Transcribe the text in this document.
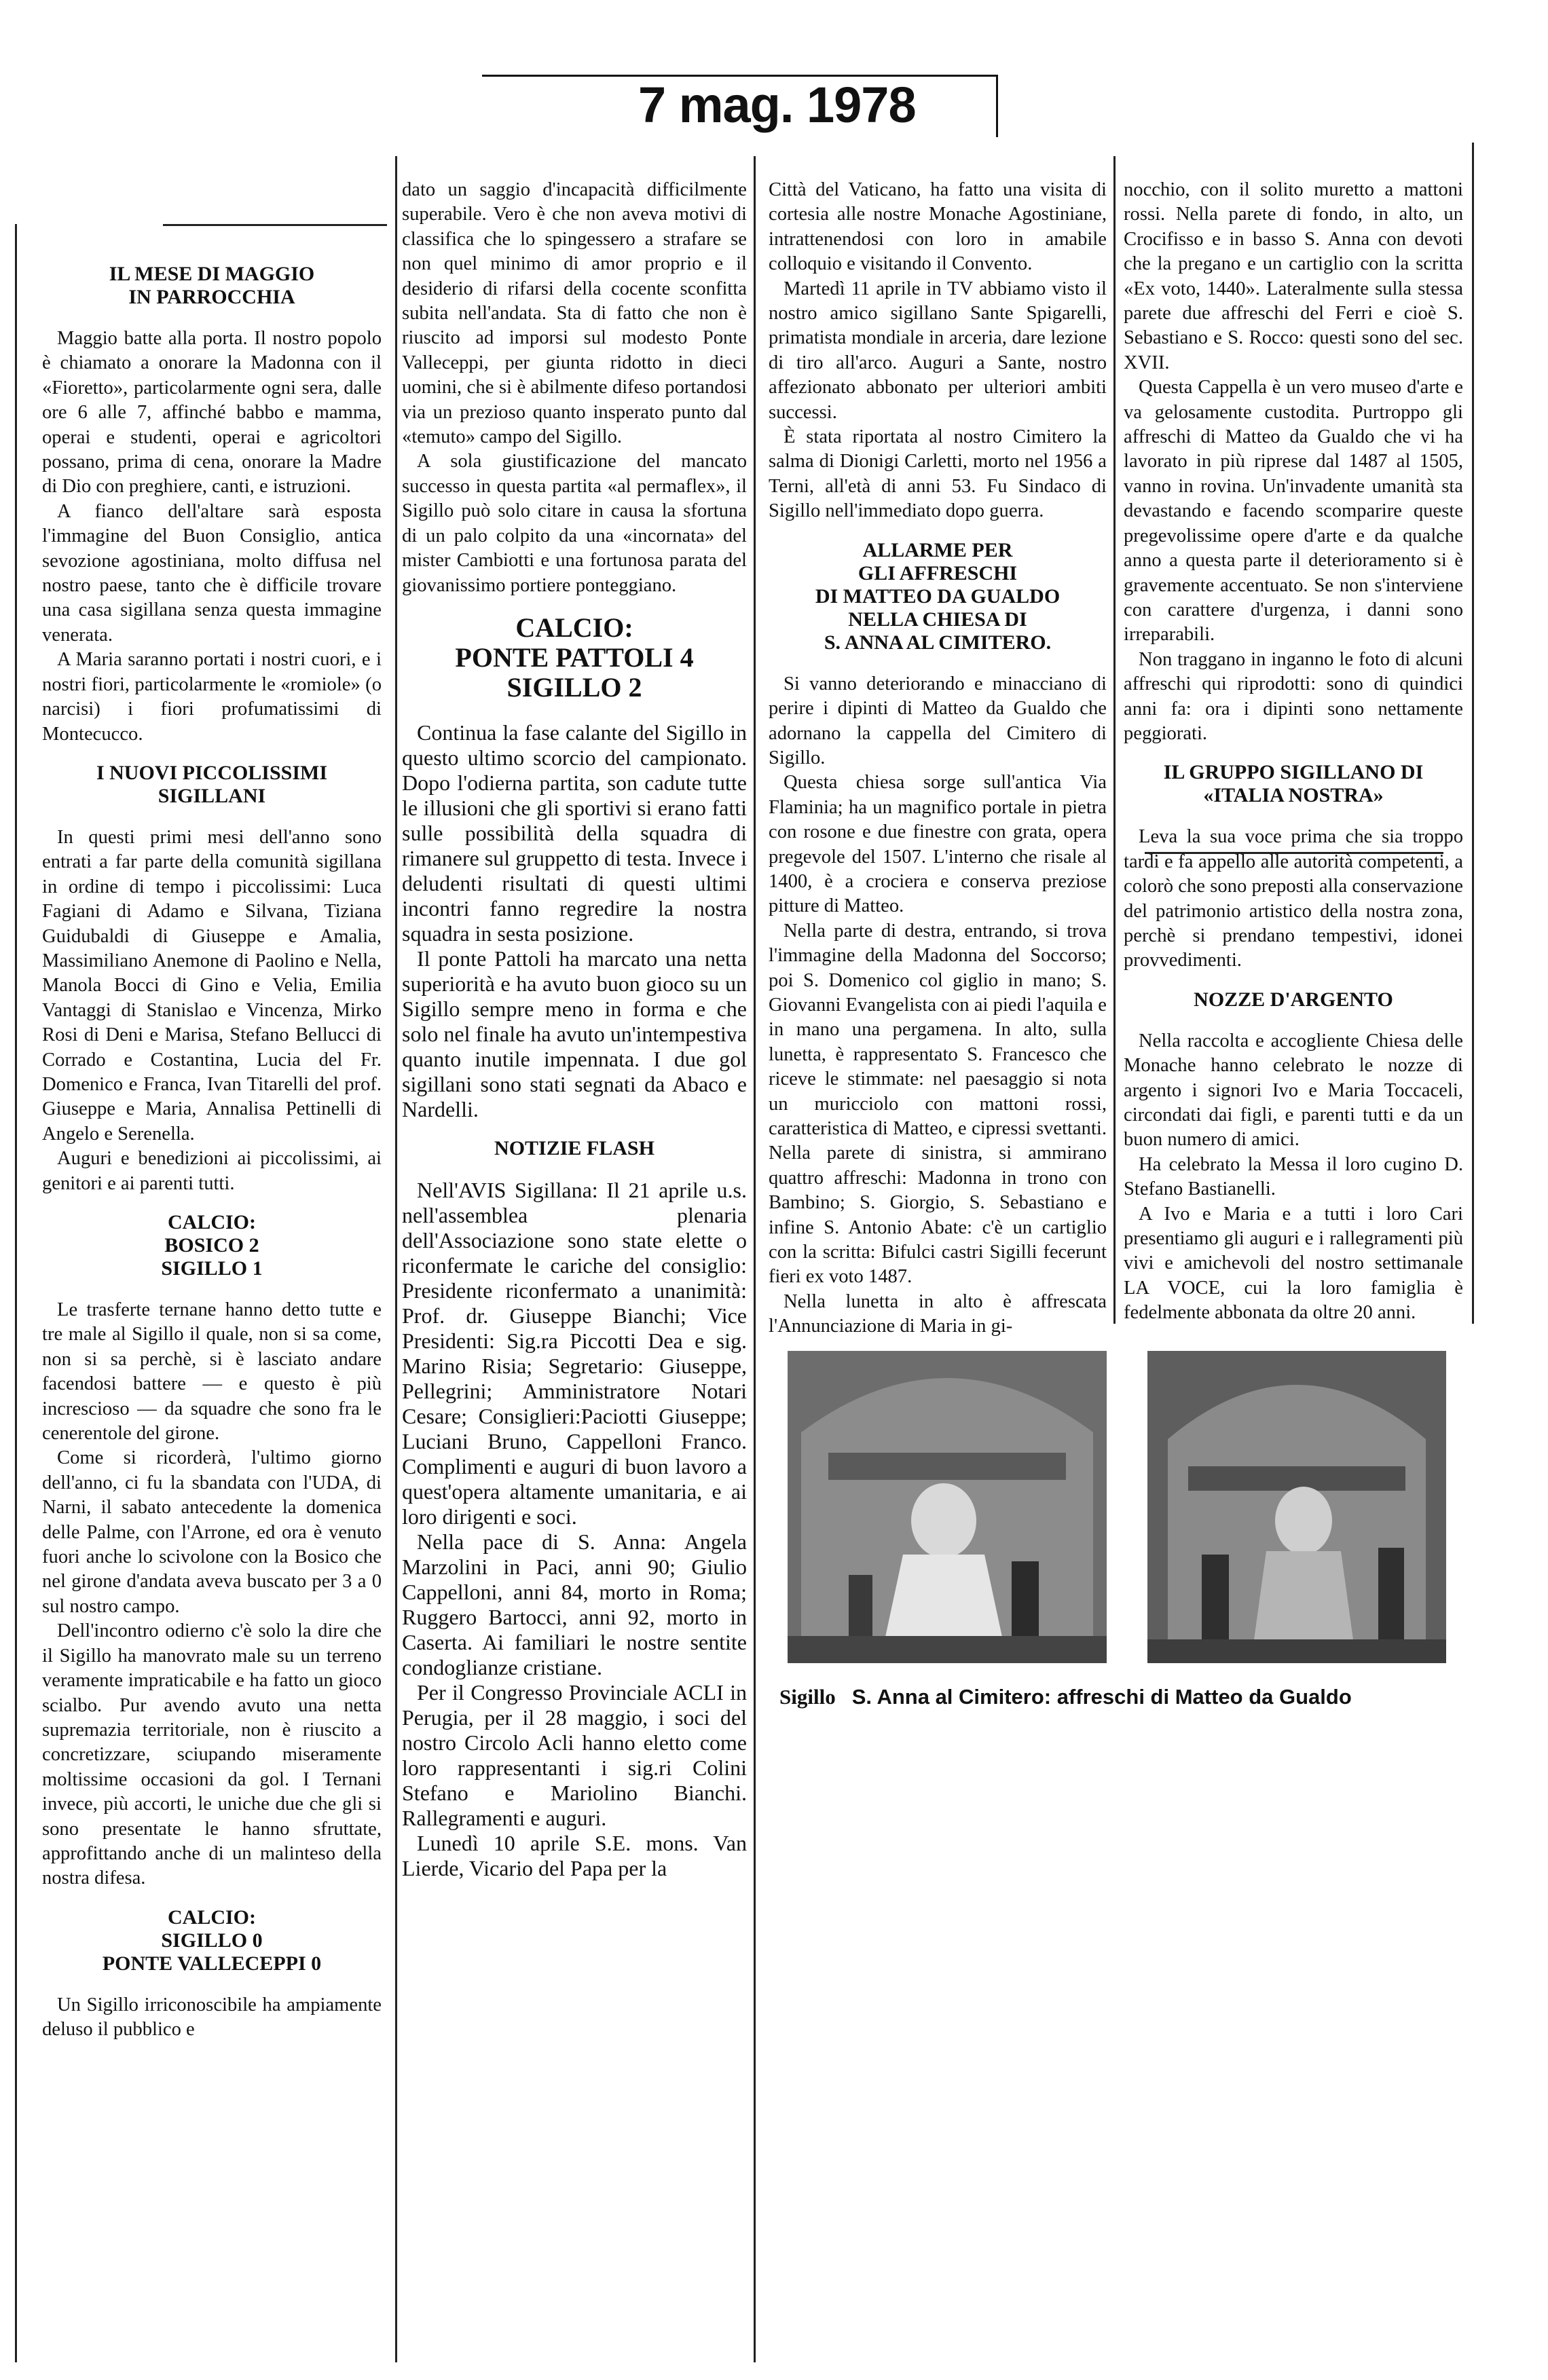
7 mag. 1978
IL MESE DI MAGGIO
IN PARROCCHIA

Maggio batte alla porta. Il nostro popolo è chiamato a onorare la Madonna con il «Fioretto», particolarmente ogni sera, dalle ore 6 alle 7, affinché babbo e mamma, operai e studenti, operai e agricoltori possano, prima di cena, onorare la Madre di Dio con preghiere, canti, e istruzioni.

A fianco dell'altare sarà esposta l'immagine del Buon Consiglio, antica sevozione agostiniana, molto diffusa nel nostro paese, tanto che è difficile trovare una casa sigillana senza questa immagine venerata.

A Maria saranno portati i nostri cuori, e i nostri fiori, particolarmente le «romiole» (o narcisi) i fiori profumatissimi di Montecucco.

I NUOVI PICCOLISSIMI
SIGILLANI

In questi primi mesi dell'anno sono entrati a far parte della comunità sigillana in ordine di tempo i piccolissimi: Luca Fagiani di Adamo e Silvana, Tiziana Guidubaldi di Giuseppe e Amalia, Massimiliano Anemone di Paolino e Nella, Manola Bocci di Gino e Velia, Emilia Vantaggi di Stanislao e Vincenza, Mirko Rosi di Deni e Marisa, Stefano Bellucci di Corrado e Costantina, Lucia del Fr. Domenico e Franca, Ivan Titarelli del prof. Giuseppe e Maria, Annalisa Pettinelli di Angelo e Serenella.

Auguri e benedizioni ai piccolissimi, ai genitori e ai parenti tutti.

CALCIO:
BOSICO 2
SIGILLO 1

Le trasferte ternane hanno detto tutte e tre male al Sigillo il quale, non si sa come, non si sa perchè, si è lasciato andare facendosi battere — e questo è più increscioso — da squadre che sono fra le cenerentole del girone.

Come si ricorderà, l'ultimo giorno dell'anno, ci fu la sbandata con l'UDA, di Narni, il sabato antecedente la domenica delle Palme, con l'Arrone, ed ora è venuto fuori anche lo scivolone con la Bosico che nel girone d'andata aveva buscato per 3 a 0 sul nostro campo.

Dell'incontro odierno c'è solo la dire che il Sigillo ha manovrato male su un terreno veramente impraticabile e ha fatto un gioco scialbo. Pur avendo avuto una netta supremazia territoriale, non è riuscito a concretizzare, sciupando miseramente moltissime occasioni da gol. I Ternani invece, più accorti, le uniche due che gli si sono presentate le hanno sfruttate, approfittando anche di un malinteso della nostra difesa.

CALCIO:
SIGILLO 0
PONTE VALLECEPPI 0

Un Sigillo irriconoscibile ha ampiamente deluso il pubblico e

dato un saggio d'incapacità difficilmente superabile. Vero è che non aveva motivi di classifica che lo spingessero a strafare se non quel minimo di amor proprio e il desiderio di rifarsi della cocente sconfitta subita nell'andata. Sta di fatto che non è riuscito ad imporsi sul modesto Ponte Valleceppi, per giunta ridotto in dieci uomini, che si è abilmente difeso portandosi via un prezioso quanto insperato punto dal «temuto» campo del Sigillo.

A sola giustificazione del mancato successo in questa partita «al permaflex», il Sigillo può solo citare in causa la sfortuna di un palo colpito da una «incornata» del mister Cambiotti e una fortunosa parata del giovanissimo portiere ponteggiano.

CALCIO:
PONTE PATTOLI 4
SIGILLO 2

Continua la fase calante del Sigillo in questo ultimo scorcio del campionato. Dopo l'odierna partita, son cadute tutte le illusioni che gli sportivi si erano fatti sulle possibilità della squadra di rimanere sul gruppetto di testa. Invece i deludenti risultati di questi ultimi incontri fanno regredire la nostra squadra in sesta posizione.

Il ponte Pattoli ha marcato una netta superiorità e ha avuto buon gioco su un Sigillo sempre meno in forma e che solo nel finale ha avuto un'intempestiva quanto inutile impennata. I due gol sigillani sono stati segnati da Abaco e Nardelli.

NOTIZIE FLASH

Nell'AVIS Sigillana: Il 21 aprile u.s. nell'assemblea plenaria dell'Associazione sono state elette o riconfermate le cariche del consiglio: Presidente riconfermato a unanimità: Prof. dr. Giuseppe Bianchi; Vice Presidenti: Sig.ra Piccotti Dea e sig. Marino Risia; Segretario: Giuseppe, Pellegrini; Amministratore Notari Cesare; Consiglieri:Paciotti Giuseppe; Luciani Bruno, Cappelloni Franco. Complimenti e auguri di buon lavoro a quest'opera altamente umanitaria, e ai loro dirigenti e soci.

Nella pace di S. Anna: Angela Marzolini in Paci, anni 90; Giulio Cappelloni, anni 84, morto in Roma; Ruggero Bartocci, anni 92, morto in Caserta. Ai familiari le nostre sentite condoglianze cristiane.

Per il Congresso Provinciale ACLI in Perugia, per il 28 maggio, i soci del nostro Circolo Acli hanno eletto come loro rappresentanti i sig.ri Colini Stefano e Mariolino Bianchi. Rallegramenti e auguri.

Lunedì 10 aprile S.E. mons. Van Lierde, Vicario del Papa per la

Città del Vaticano, ha fatto una visita di cortesia alle nostre Monache Agostiniane, intrattenendosi con loro in amabile colloquio e visitando il Convento.

Martedì 11 aprile in TV abbiamo visto il nostro amico sigillano Sante Spigarelli, primatista mondiale in arceria, dare lezione di tiro all'arco. Auguri a Sante, nostro affezionato abbonato per ulteriori ambiti successi.

È stata riportata al nostro Cimitero la salma di Dionigi Carletti, morto nel 1956 a Terni, all'età di anni 53. Fu Sindaco di Sigillo nell'immediato dopo guerra.

ALLARME PER
GLI AFFRESCHI
DI MATTEO DA GUALDO
NELLA CHIESA DI
S. ANNA AL CIMITERO.

Si vanno deteriorando e minacciano di perire i dipinti di Matteo da Gualdo che adornano la cappella del Cimitero di Sigillo.

Questa chiesa sorge sull'antica Via Flaminia; ha un magnifico portale in pietra con rosone e due finestre con grata, opera pregevole del 1507. L'interno che risale al 1400, è a crociera e conserva preziose pitture di Matteo.

Nella parte di destra, entrando, si trova l'immagine della Madonna del Soccorso; poi S. Domenico col giglio in mano; S. Giovanni Evangelista con ai piedi l'aquila e in mano una pergamena. In alto, sulla lunetta, è rappresentato S. Francesco che riceve le stimmate: nel paesaggio si nota un muricciolo con mattoni rossi, caratteristica di Matteo, e cipressi svettanti. Nella parete di sinistra, si ammirano quattro affreschi: Madonna in trono con Bambino; S. Giorgio, S. Sebastiano e infine S. Antonio Abate: c'è un cartiglio con la scritta: Bifulci castri Sigilli fecerunt fieri ex voto 1487.

Nella lunetta in alto è affrescata l'Annunciazione di Maria in gi-

nocchio, con il solito muretto a mattoni rossi. Nella parete di fondo, in alto, un Crocifisso e in basso S. Anna con devoti che la pregano e un cartiglio con la scritta «Ex voto, 1440». Lateralmente sulla stessa parete due affreschi del Ferri e cioè S. Sebastiano e S. Rocco: questi sono del sec. XVII.

Questa Cappella è un vero museo d'arte e va gelosamente custodita. Purtroppo gli affreschi di Matteo da Gualdo che vi ha lavorato in più riprese dal 1487 al 1505, vanno in rovina. Un'invadente umanità sta devastando e facendo scomparire queste pregevolissime opere d'arte e da qualche anno a questa parte il deterioramento si è gravemente accentuato. Se non s'interviene con carattere d'urgenza, i danni sono irreparabili.

Non traggano in inganno le foto di alcuni affreschi qui riprodotti: sono di quindici anni fa: ora i dipinti sono nettamente peggiorati.

IL GRUPPO SIGILLANO DI
«ITALIA NOSTRA»

Leva la sua voce prima che sia troppo tardi e fa appello alle autorità competenti, a colorò che sono preposti alla conservazione del patrimonio artistico della nostra zona, perchè si prendano tempestivi, idonei provvedimenti.

NOZZE D'ARGENTO

Nella raccolta e accogliente Chiesa delle Monache hanno celebrato le nozze di argento i signori Ivo e Maria Toccaceli, circondati dai figli, e parenti tutti e da un buon numero di amici.

Ha celebrato la Messa il loro cugino D. Stefano Bastianelli.

A Ivo e Maria e a tutti i loro Cari presentiamo gli auguri e i rallegramenti più vivi e amichevoli del nostro settimanale LA VOCE, cui la loro famiglia è fedelmente abbonata da oltre 20 anni.

Sigillo S. Anna al Cimitero: affreschi di Matteo da Gualdo
